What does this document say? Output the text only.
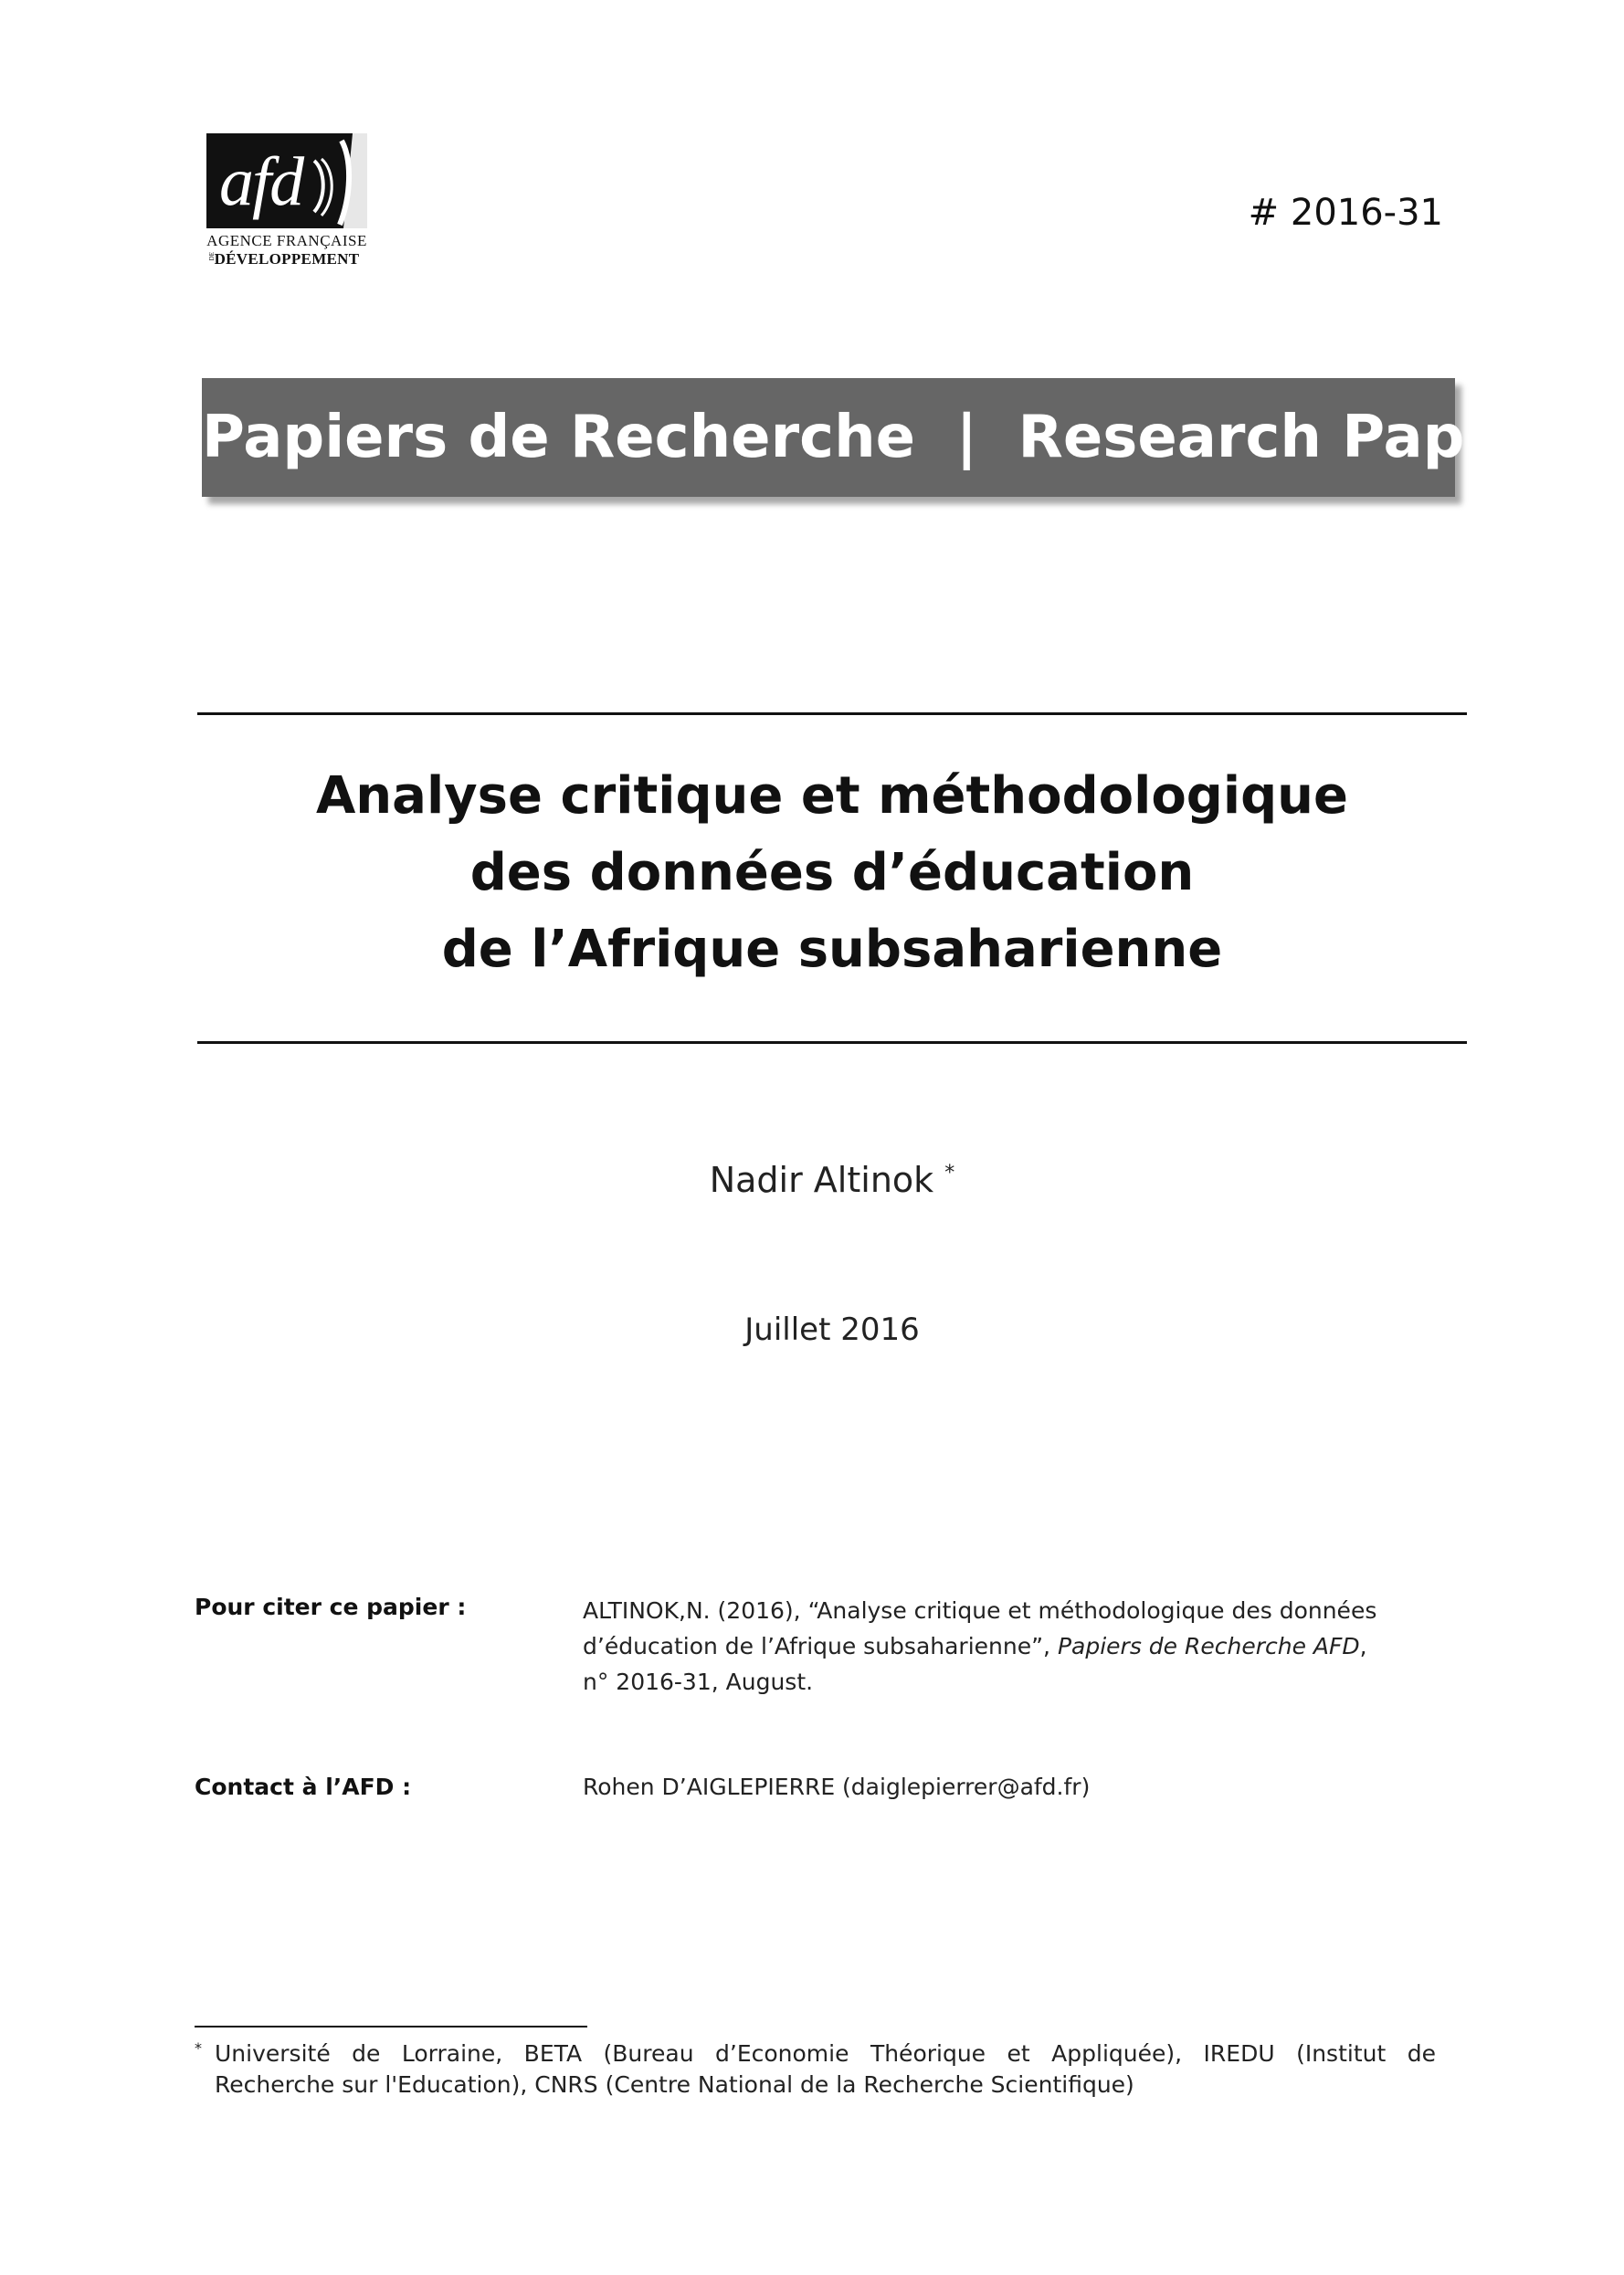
afd
DE
AGENCE FRANÇAISE
DÉVELOPPEMENT
# 2016-31
Papiers de Recherche  |  Research Papers
Analyse critique et méthodologique
des données d’éducation
de l’Afrique subsaharienne
Nadir Altinok *
Juillet 2016
Pour citer ce papier :	ALTINOK,N. (2016), “Analyse critique et méthodologique des données
d’éducation de l’Afrique subsaharienne”, Papiers de Recherche AFD,
n° 2016-31, August.
Contact à l’AFD :	Rohen D’AIGLEPIERRE (daiglepierrer@afd.fr)
* Université de Lorraine, BETA (Bureau d’Economie Théorique et Appliquée), IREDU (Institut de
Recherche sur l'Education), CNRS (Centre National de la Recherche Scientifique)
